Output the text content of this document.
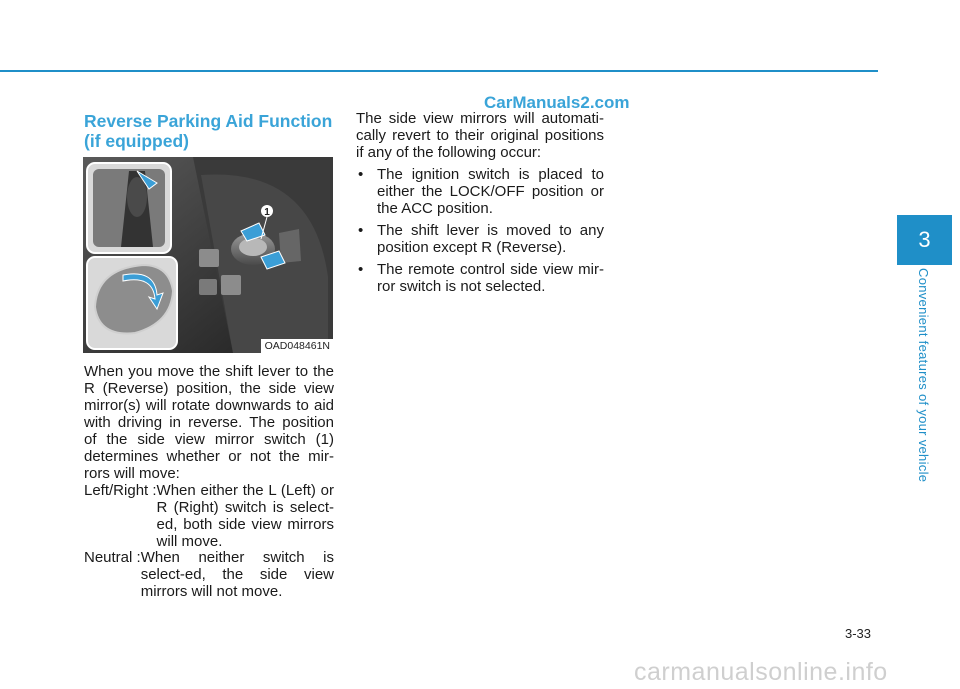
CarManuals2.com
Reverse Parking Aid Function (if equipped)
1
OAD048461N
When you move the shift lever to the R (Reverse) position, the side view mirror(s) will rotate downwards to aid with driving in reverse. The position of the side view mirror switch (1) determines whether or not the mir-rors will move:
Left/Right : When either the L (Left) or R (Right) switch is select-ed, both side view mirrors will move.
Neutral : When neither switch is select-ed, the side view mirrors will not move.
The side view mirrors will automati-cally revert to their original positions if any of the following occur:
• The ignition switch is placed to either the LOCK/OFF position or the ACC position.
• The shift lever is moved to any position except R (Reverse).
• The remote control side view mir-ror switch is not selected.
3
Convenient features of your vehicle
3-33
carmanualsonline.info
